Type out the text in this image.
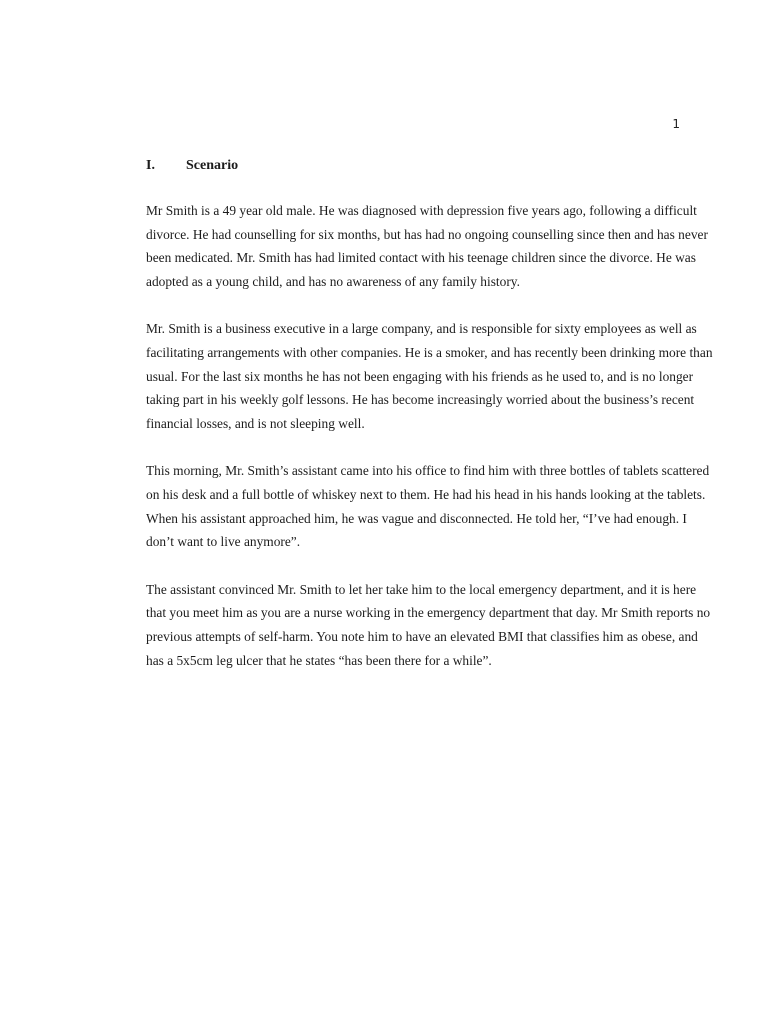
1
I.	Scenario

Mr Smith is a 49 year old male. He was diagnosed with depression five years ago, following a difficult
divorce. He had counselling for six months, but has had no ongoing counselling since then and has never
been medicated. Mr. Smith has had limited contact with his teenage children since the divorce. He was
adopted as a young child, and has no awareness of any family history.

Mr. Smith is a business executive in a large company, and is responsible for sixty employees as well as
facilitating arrangements with other companies. He is a smoker, and has recently been drinking more than
usual. For the last six months he has not been engaging with his friends as he used to, and is no longer
taking part in his weekly golf lessons. He has become increasingly worried about the business’s recent
financial losses, and is not sleeping well.

This morning, Mr. Smith’s assistant came into his office to find him with three bottles of tablets scattered
on his desk and a full bottle of whiskey next to them. He had his head in his hands looking at the tablets.
When his assistant approached him, he was vague and disconnected. He told her, “I’ve had enough. I
don’t want to live anymore”.

The assistant convinced Mr. Smith to let her take him to the local emergency department, and it is here
that you meet him as you are a nurse working in the emergency department that day. Mr Smith reports no
previous attempts of self-harm. You note him to have an elevated BMI that classifies him as obese, and
has a 5x5cm leg ulcer that he states “has been there for a while”.
